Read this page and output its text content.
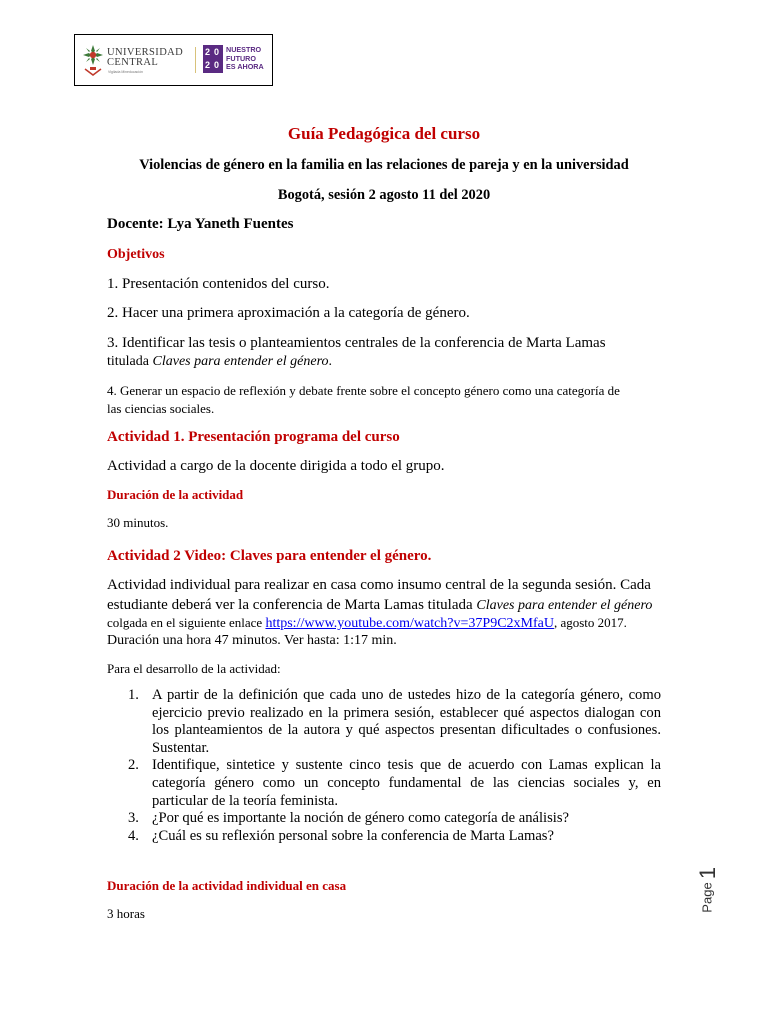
UNIVERSIDAD
CENTRAL
Vigilada Mineducación
2 0
2 0
NUESTRO
FUTURO
ES AHORA
Guía Pedagógica del curso
Violencias de género en la familia en las relaciones de pareja y en la universidad
Bogotá, sesión 2 agosto 11 del 2020
Docente: Lya Yaneth Fuentes
Objetivos
1. Presentación contenidos del curso.
2. Hacer una primera aproximación a la categoría de género.
3. Identificar las tesis o planteamientos centrales de la conferencia de Marta Lamas
titulada Claves para entender el género.
4. Generar un espacio de reflexión y debate frente sobre el concepto género como una categoría de
las ciencias sociales.
Actividad 1. Presentación programa del curso
Actividad a cargo de la docente dirigida a todo el grupo.
Duración de la actividad
30 minutos.
Actividad 2 Video: Claves para entender el género.
Actividad individual para realizar en casa como insumo central de la segunda sesión. Cada
estudiante deberá ver la conferencia de Marta Lamas titulada Claves para entender el género
colgada en el siguiente enlace https://www.youtube.com/watch?v=37P9C2xMfaU, agosto 2017.
Duración una hora 47 minutos. Ver hasta: 1:17 min.
Para el desarrollo de la actividad:
1. A partir de la definición que cada uno de ustedes hizo de la categoría género, como ejercicio previo realizado en la primera sesión, establecer qué aspectos dialogan con los planteamientos de la autora y qué aspectos presentan dificultades o confusiones. Sustentar.
2. Identifique, sintetice y sustente cinco tesis que de acuerdo con Lamas explican la categoría género como un concepto fundamental de las ciencias sociales y, en particular de la teoría feminista.
3. ¿Por qué es importante la noción de género como categoría de análisis?
4. ¿Cuál es su reflexión personal sobre la conferencia de Marta Lamas?
Duración de la actividad individual en casa
3 horas
Page
1
